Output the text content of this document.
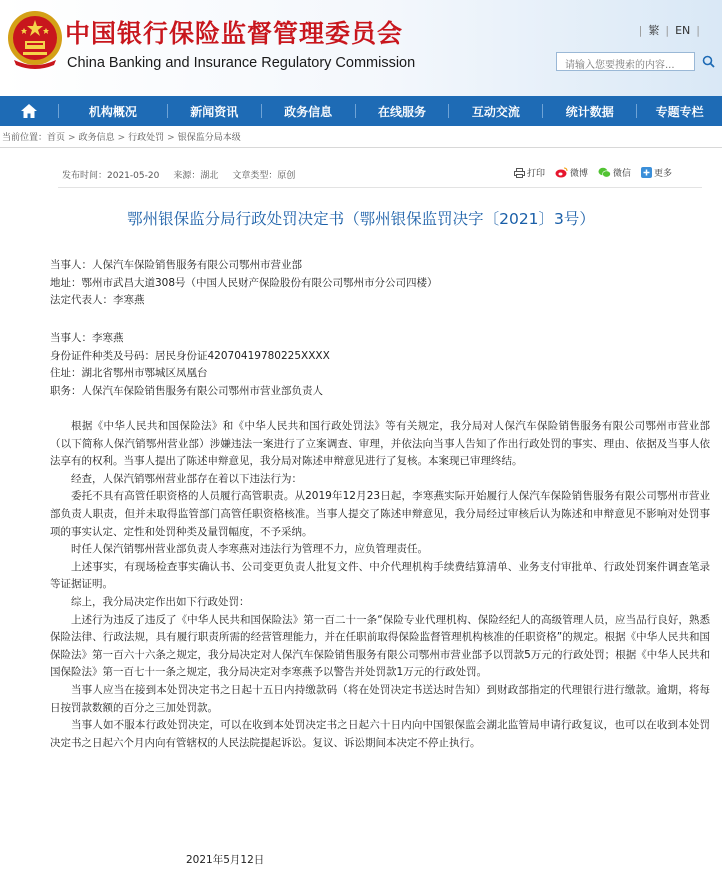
中国银行保险监督管理委员会
China Banking and Insurance Regulatory Commission
| 繁 | EN |
请输入您要搜索的内容...
机构概况	新闻资讯	政务信息	在线服务	互动交流	统计数据	专题专栏
当前位置：首页 > 政务信息 > 行政处罚 > 银保监分局本级
发布时间：2021-05-20 来源：湖北 文章类型：原创	打印	微博	微信	更多
鄂州银保监分局行政处罚决定书（鄂州银保监罚决字〔2021〕3号）

当事人：人保汽车保险销售服务有限公司鄂州市营业部

地址：鄂州市武昌大道308号（中国人民财产保险股份有限公司鄂州市分公司四楼）

法定代表人：李寒燕

当事人：李寒燕

身份证件种类及号码：居民身份证42070419780225XXXX

住址：湖北省鄂州市鄂城区凤凰台

职务：人保汽车保险销售服务有限公司鄂州市营业部负责人

根据《中华人民共和国保险法》和《中华人民共和国行政处罚法》等有关规定，我分局对人保汽车保险销售服务有限公司鄂州市营业部（以下简称人保汽销鄂州营业部）涉嫌违法一案进行了立案调查、审理，并依法向当事人告知了作出行政处罚的事实、理由、依据及当事人依法享有的权利。当事人提出了陈述申辩意见，我分局对陈述申辩意见进行了复核。本案现已审理终结。

经查，人保汽销鄂州营业部存在着以下违法行为：

委托不具有高管任职资格的人员履行高管职责。从2019年12月23日起，李寒燕实际开始履行人保汽车保险销售服务有限公司鄂州市营业部负责人职责，但并未取得监管部门高管任职资格核准。当事人提交了陈述申辩意见，我分局经过审核后认为陈述和申辩意见不影响对处罚事项的事实认定、定性和处罚种类及量罚幅度，不予采纳。

时任人保汽销鄂州营业部负责人李寒燕对违法行为管理不力，应负管理责任。

上述事实，有现场检查事实确认书、公司变更负责人批复文件、中介代理机构手续费结算清单、业务支付审批单、行政处罚案件调查笔录等证据证明。

综上，我分局决定作出如下行政处罚：

上述行为违反了违反了《中华人民共和国保险法》第一百二十一条“保险专业代理机构、保险经纪人的高级管理人员，应当品行良好，熟悉保险法律、行政法规，具有履行职责所需的经营管理能力，并在任职前取得保险监督管理机构核准的任职资格”的规定。根据《中华人民共和国保险法》第一百六十六条之规定，我分局决定对人保汽车保险销售服务有限公司鄂州市营业部予以罚款5万元的行政处罚；根据《中华人民共和国保险法》第一百七十一条之规定，我分局决定对李寒燕予以警告并处罚款1万元的行政处罚。

当事人应当在接到本处罚决定书之日起十五日内持缴款码（将在处罚决定书送达时告知）到财政部指定的代理银行进行缴款。逾期，将每日按罚款数额的百分之三加处罚款。

当事人如不服本行政处罚决定，可以在收到本处罚决定书之日起六十日内向中国银保监会湖北监管局申请行政复议，也可以在收到本处罚决定书之日起六个月内向有管辖权的人民法院提起诉讼。复议、诉讼期间本决定不停止执行。

2021年5月12日
